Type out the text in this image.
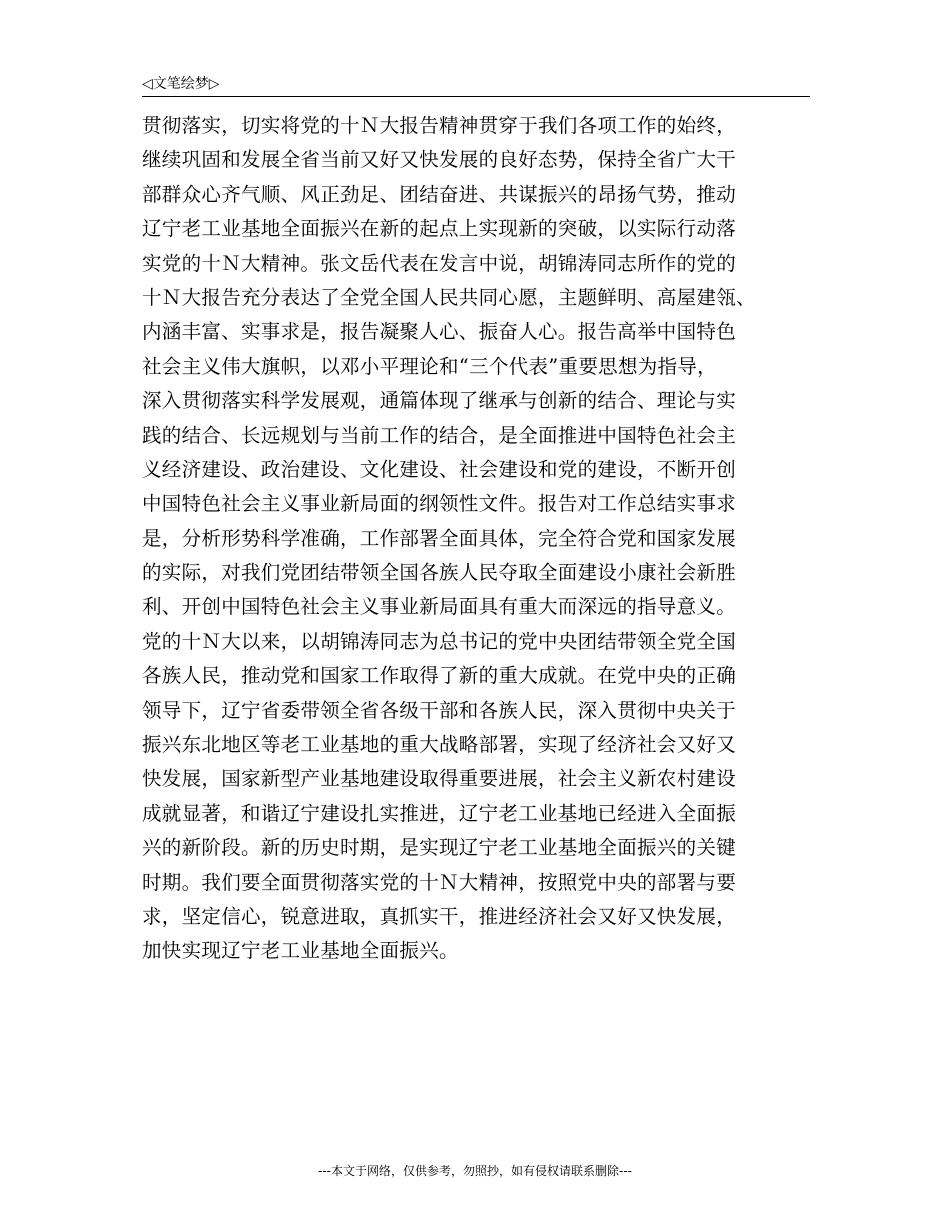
◁文笔绘梦▷
贯彻落实，切实将党的十Ｎ大报告精神贯穿于我们各项工作的始终，
继续巩固和发展全省当前又好又快发展的良好态势，保持全省广大干
部群众心齐气顺、风正劲足、团结奋进、共谋振兴的昂扬气势，推动
辽宁老工业基地全面振兴在新的起点上实现新的突破，以实际行动落
实党的十Ｎ大精神。张文岳代表在发言中说，胡锦涛同志所作的党的
十Ｎ大报告充分表达了全党全国人民共同心愿，主题鲜明、高屋建瓴、
内涵丰富、实事求是，报告凝聚人心、振奋人心。报告高举中国特色
社会主义伟大旗帜，以邓小平理论和“三个代表”重要思想为指导，
深入贯彻落实科学发展观，通篇体现了继承与创新的结合、理论与实
践的结合、长远规划与当前工作的结合，是全面推进中国特色社会主
义经济建设、政治建设、文化建设、社会建设和党的建设，不断开创
中国特色社会主义事业新局面的纲领性文件。报告对工作总结实事求
是，分析形势科学准确，工作部署全面具体，完全符合党和国家发展
的实际，对我们党团结带领全国各族人民夺取全面建设小康社会新胜
利、开创中国特色社会主义事业新局面具有重大而深远的指导意义。
党的十Ｎ大以来，以胡锦涛同志为总书记的党中央团结带领全党全国
各族人民，推动党和国家工作取得了新的重大成就。在党中央的正确
领导下，辽宁省委带领全省各级干部和各族人民，深入贯彻中央关于
振兴东北地区等老工业基地的重大战略部署，实现了经济社会又好又
快发展，国家新型产业基地建设取得重要进展，社会主义新农村建设
成就显著，和谐辽宁建设扎实推进，辽宁老工业基地已经进入全面振
兴的新阶段。新的历史时期，是实现辽宁老工业基地全面振兴的关键
时期。我们要全面贯彻落实党的十Ｎ大精神，按照党中央的部署与要
求，坚定信心，锐意进取，真抓实干，推进经济社会又好又快发展，
加快实现辽宁老工业基地全面振兴。
---本文于网络，仅供参考，勿照抄，如有侵权请联系删除---
